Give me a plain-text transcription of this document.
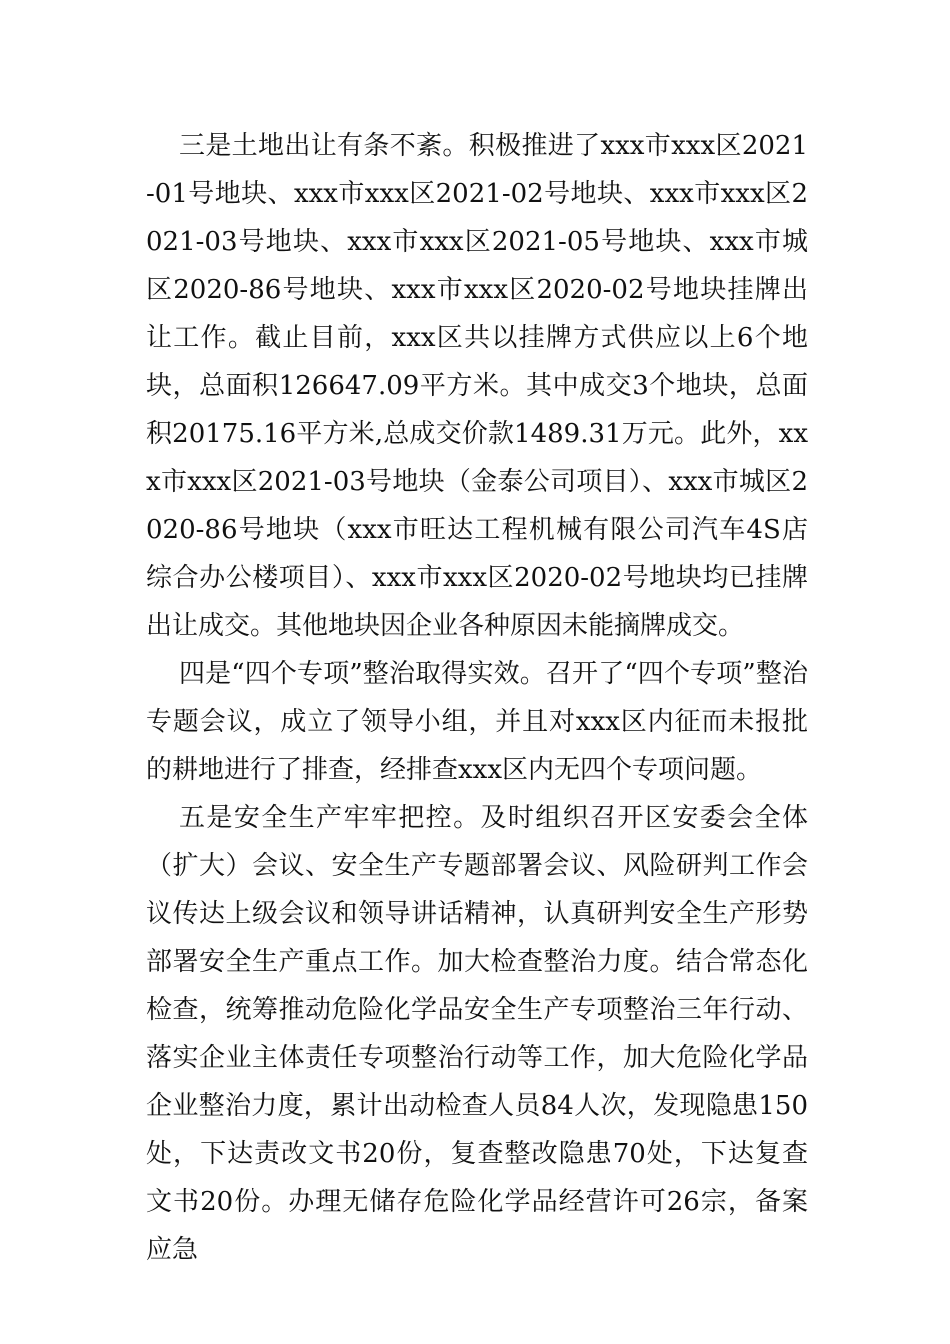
三是土地出让有条不紊。积极推进了xxx市xxx区2021-01号地块、xxx市xxx区2021-02号地块、xxx市xxx区2021-03号地块、xxx市xxx区2021-05号地块、xxx市城区2020-86号地块、xxx市xxx区2020-02号地块挂牌出让工作。截止目前，xxx区共以挂牌方式供应以上6个地块，总面积126647.09平方米。其中成交3个地块，总面积20175.16平方米,总成交价款1489.31万元。此外，xxx市xxx区2021-03号地块（金泰公司项目）、xxx市城区2020-86号地块（xxx市旺达工程机械有限公司汽车4S店综合办公楼项目）、xxx市xxx区2020-02号地块均已挂牌出让成交。其他地块因企业各种原因未能摘牌成交。

四是“四个专项”整治取得实效。召开了“四个专项”整治专题会议，成立了领导小组，并且对xxx区内征而未报批的耕地进行了排查，经排查xxx区内无四个专项问题。

五是安全生产牢牢把控。及时组织召开区安委会全体（扩大）会议、安全生产专题部署会议、风险研判工作会议传达上级会议和领导讲话精神，认真研判安全生产形势部署安全生产重点工作。加大检查整治力度。结合常态化检查，统筹推动危险化学品安全生产专项整治三年行动、落实企业主体责任专项整治行动等工作，加大危险化学品企业整治力度，累计出动检查人员84人次，发现隐患150处，下达责改文书20份，复查整改隐患70处，下达复查文书20份。办理无储存危险化学品经营许可26宗，备案应急
